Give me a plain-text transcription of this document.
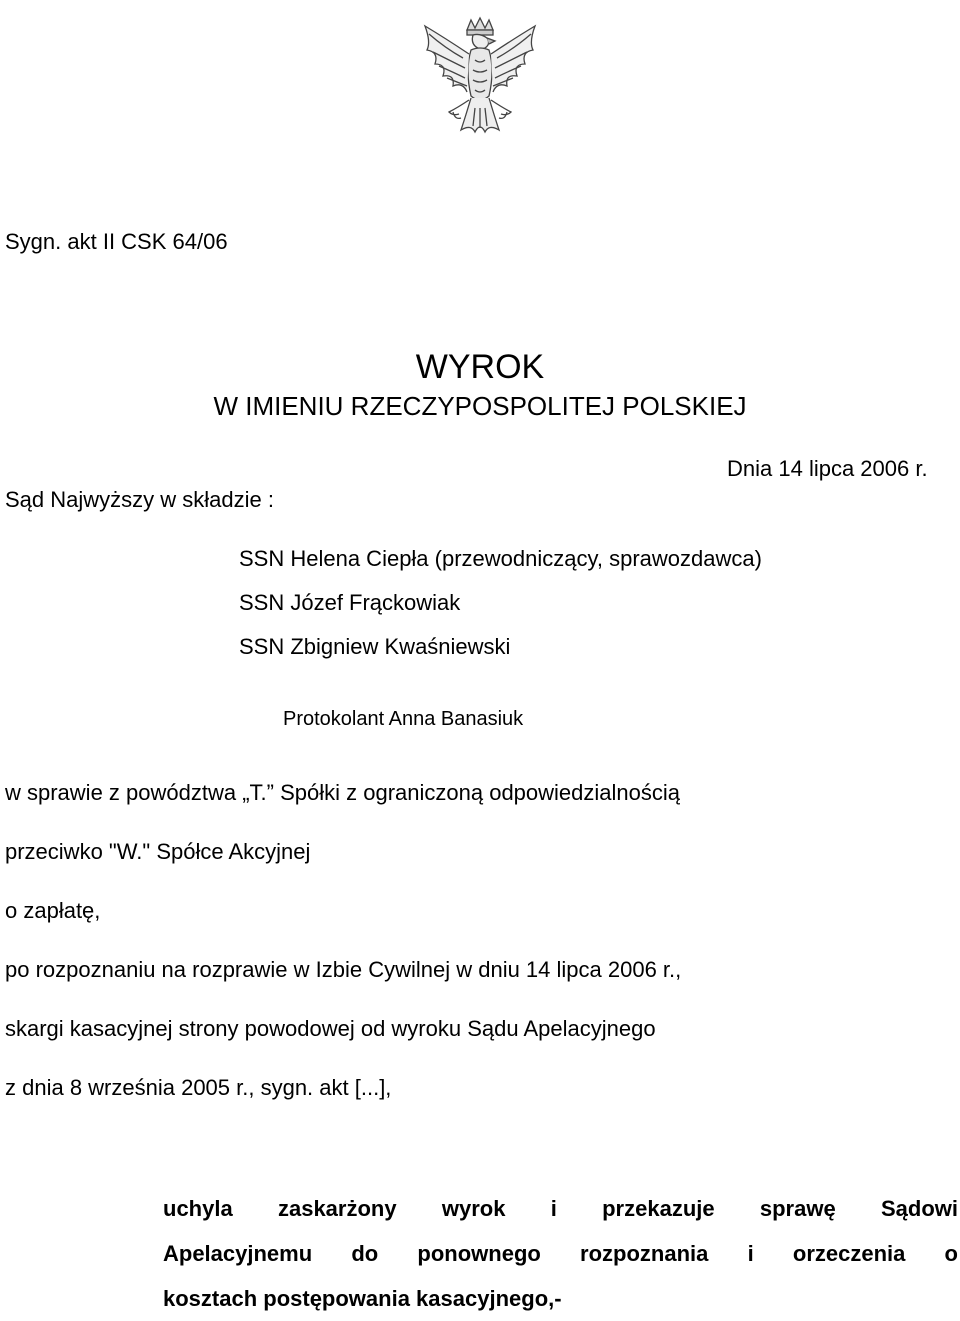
Sygn. akt II CSK 64/06
WYROK
W IMIENIU RZECZYPOSPOLITEJ POLSKIEJ
Dnia 14 lipca 2006 r.
Sąd Najwyższy w składzie :
SSN Helena Ciepła (przewodniczący, sprawozdawca)
SSN Józef Frąckowiak
SSN Zbigniew Kwaśniewski
Protokolant Anna Banasiuk
w sprawie z powództwa „T.” Spółki z ograniczoną odpowiedzialnością
przeciwko "W." Spółce Akcyjnej
o zapłatę,
po rozpoznaniu na rozprawie w Izbie Cywilnej w dniu 14 lipca 2006 r.,
skargi kasacyjnej strony powodowej od wyroku Sądu Apelacyjnego
z dnia 8 września 2005 r., sygn. akt [...],
uchyla zaskarżony wyrok i przekazuje sprawę Sądowi
Apelacyjnemu do ponownego rozpoznania i orzeczenia o
kosztach postępowania kasacyjnego,-
